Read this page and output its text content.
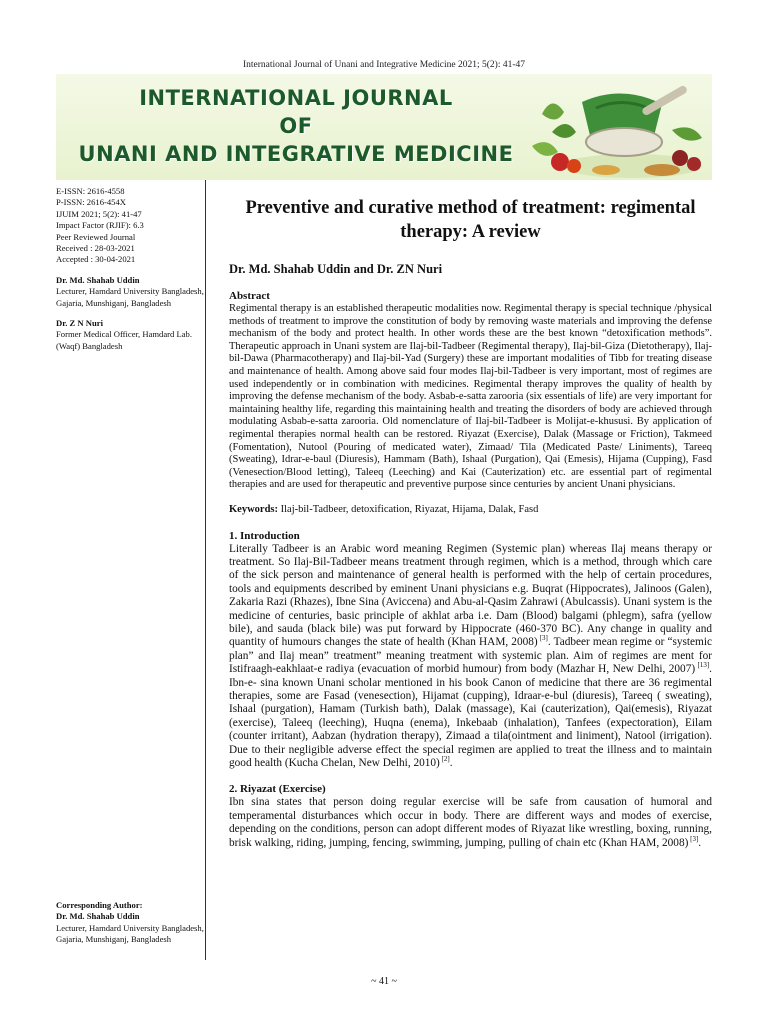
International Journal of Unani and Integrative Medicine 2021; 5(2): 41-47
INTERNATIONAL JOURNAL
OF
UNANI AND INTEGRATIVE MEDICINE
E-ISSN: 2616-4558
P-ISSN: 2616-454X
IJUIM 2021; 5(2): 41-47
Impact Factor (RJIF): 6.3
Peer Reviewed Journal
Received : 28-03-2021
Accepted : 30-04-2021
Dr. Md. Shahab Uddin
Lecturer, Hamdard University Bangladesh, Gajaria, Munshiganj, Bangladesh
Dr. Z N Nuri
Former Medical Officer, Hamdard Lab. (Waqf) Bangladesh
Corresponding Author:
Dr. Md. Shahab Uddin
Lecturer, Hamdard University Bangladesh, Gajaria, Munshiganj, Bangladesh
Preventive and curative method of treatment: regimental therapy: A review
Dr. Md. Shahab Uddin and Dr. ZN Nuri
Abstract

Regimental therapy is an established therapeutic modalities now. Regimental therapy is special technique /physical methods of treatment to improve the constitution of body by removing waste materials and improving the defense mechanism of the body and protect health. In other words these are the best known “detoxification methods”. Therapeutic approach in Unani system are Ilaj-bil-Tadbeer (Regimental therapy), Ilaj-bil-Giza (Dietotherapy), Ilaj-bil-Dawa (Pharmacotherapy) and Ilaj-bil-Yad (Surgery) these are important modalities of Tibb for treating disease and maintenance of health. Among above said four modes Ilaj-bil-Tadbeer is very important, most of regimes are used independently or in combination with medicines. Regimental therapy improves the quality of health by improving the defense mechanism of the body. Asbab-e-satta zarooria (six essentials of life) are very important for maintaining healthy life, regarding this maintaining health and treating the disorders of body are achieved through modulating Asbab-e-satta zarooria. Old nomenclature of Ilaj-bil-Tadbeer is Molijat-e-khususi. By application of regimental therapies normal health can be restored. Riyazat (Exercise), Dalak (Massage or Friction), Takmeed (Fomentation), Nutool (Pouring of medicated water), Zimaad/ Tila (Medicated Paste/ Liniments), Tareeq (Sweating), Idrar-e-baul (Diuresis), Hammam (Bath), Ishaal (Purgation), Qai (Emesis), Hijama (Cupping), Fasd (Venesection/Blood letting), Taleeq (Leeching) and Kai (Cauterization) etc. are essential part of regimental therapies and are used for therapeutic and preventive purpose since centuries by ancient Unani physicians.

Keywords: Ilaj-bil-Tadbeer, detoxification, Riyazat, Hijama, Dalak, Fasd
1. Introduction

Literally Tadbeer is an Arabic word meaning Regimen (Systemic plan) whereas Ilaj means therapy or treatment. So Ilaj-Bil-Tadbeer means treatment through regimen, which is a method, through which care of the sick person and maintenance of general health is performed with the help of certain procedures, tools and equipments described by eminent Unani physicians e.g. Buqrat (Hippocrates), Jalinoos (Galen), Zakaria Razi (Rhazes), Ibne Sina (Aviccena) and Abu-al-Qasim Zahrawi (Abulcassis). Unani system is the medicine of centuries, basic principle of akhlat arba i.e. Dam (Blood) balgami (phlegm), safra (yellow bile), and sauda (black bile) was put forward by Hippocrate (460-370 BC). Any change in quality and quantity of humours changes the state of health (Khan HAM, 2008) [3]. Tadbeer mean regime or “systemic plan” and Ilaj mean” treatment” meaning treatment with systemic plan. Aim of regimes are ment for Istifraagh-eakhlaat-e radiya (evacuation of morbid humour) from body (Mazhar H, New Delhi, 2007) [13]. Ibn-e- sina known Unani scholar mentioned in his book Canon of medicine that there are 36 regimental therapies, some are Fasad (venesection), Hijamat (cupping), Idraar-e-bul (diuresis), Tareeq ( sweating), Ishaal (purgation), Hamam (Turkish bath), Dalak (massage), Kai (cauterization), Qai(emesis), Riyazat (exercise), Taleeq (leeching), Huqna (enema), Inkebaab (inhalation), Tanfees (expectoration), Eilam (counter irritant), Aabzan (hydration therapy), Zimaad a tila(ointment and liniment), Natool (irrigation). Due to their negligible adverse effect the special regimen are applied to treat the illness and to maintain good health (Kucha Chelan, New Delhi, 2010) [2].

2. Riyazat (Exercise)

Ibn sina states that person doing regular exercise will be safe from causation of humoral and temperamental disturbances which occur in body. There are different ways and modes of exercise, depending on the conditions, person can adopt different modes of Riyazat like wrestling, boxing, running, brisk walking, riding, jumping, fencing, swimming, jumping, pulling of chain etc (Khan HAM, 2008) [3].

~ 41 ~
